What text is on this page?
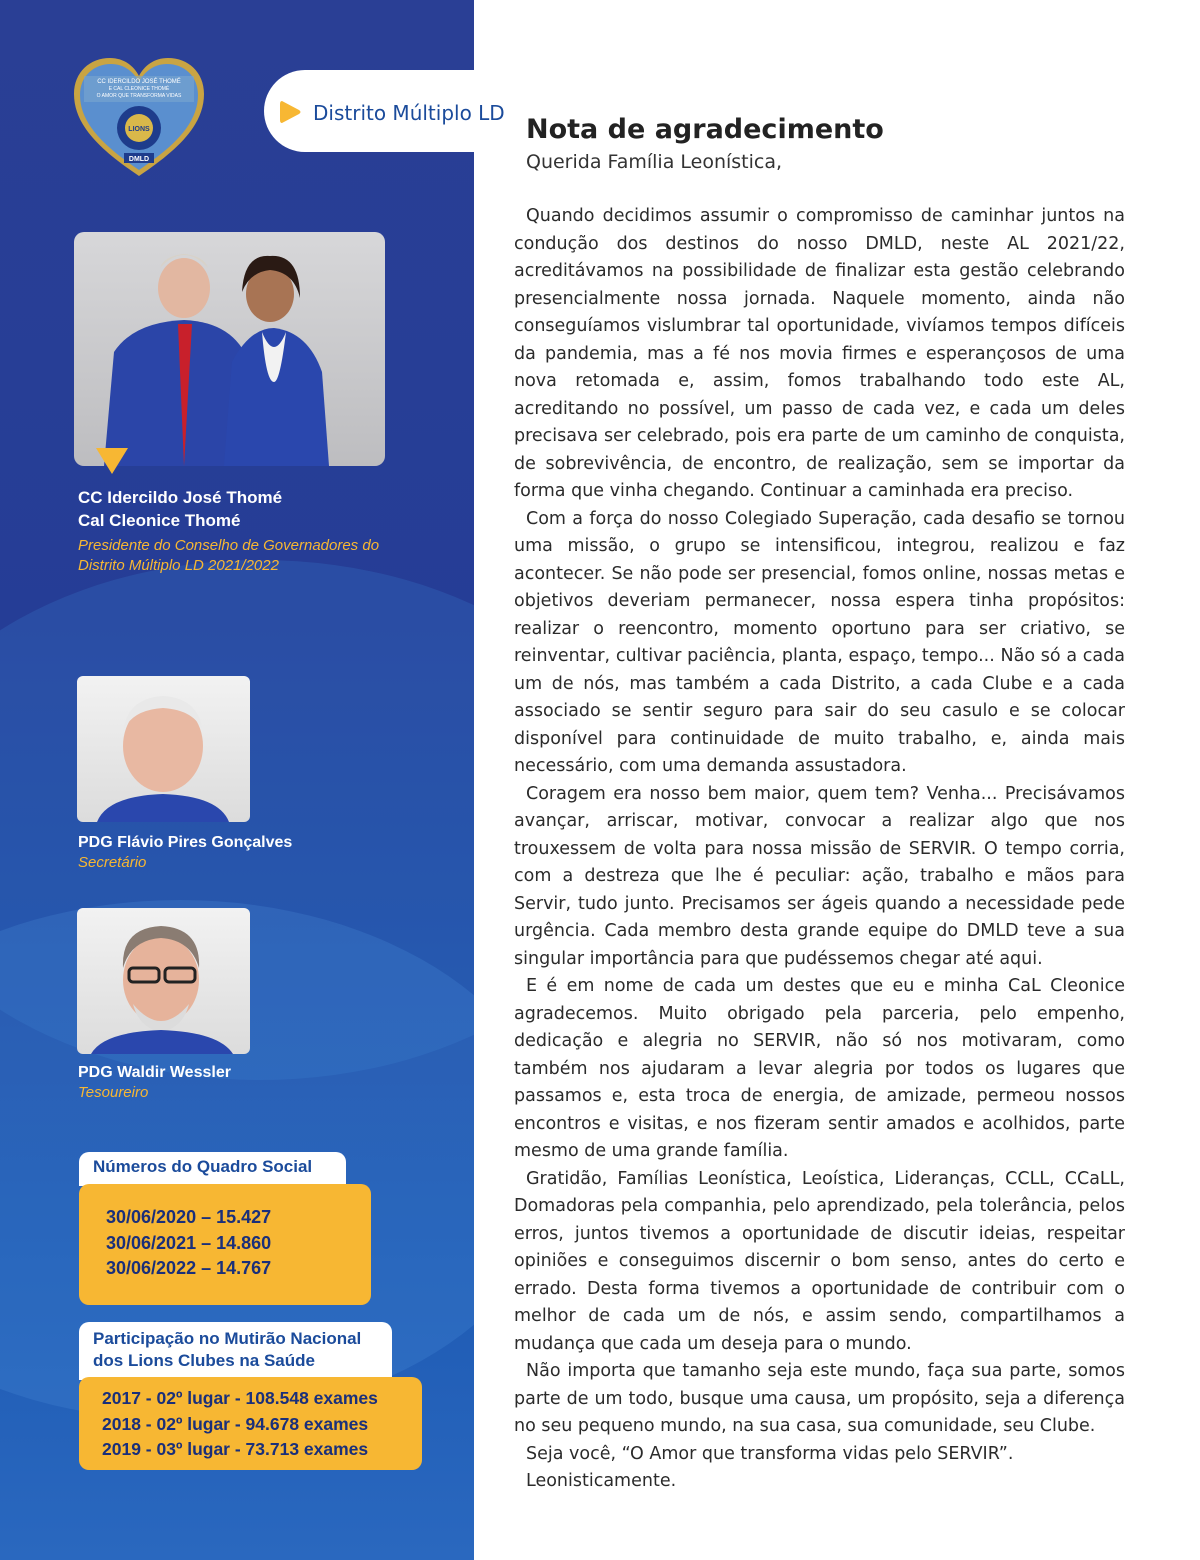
LIONS
CC IDERCILDO JOSÉ THOMÉ
E CAL CLEONICE THOMÉ
O AMOR QUE TRANSFORMA VIDAS
DMLD
Distrito Múltiplo LD
CC Idercildo José Thomé
Cal Cleonice Thomé
Presidente do Conselho de Governadores do
Distrito Múltiplo LD 2021/2022
PDG Flávio Pires Gonçalves
Secretário
PDG Waldir Wessler
Tesoureiro
Números do Quadro Social
30/06/2020 – 15.427
30/06/2021 – 14.860
30/06/2022 – 14.767
Participação no Mutirão Nacional
dos Lions Clubes na Saúde
2017 - 02º lugar - 108.548 exames
2018 - 02º lugar - 94.678 exames
2019 - 03º lugar - 73.713 exames
Nota de agradecimento
Querida Família Leonística,

Quando decidimos assumir o compromisso de caminhar juntos na condução dos destinos do nosso DMLD, neste AL 2021/22, acreditávamos na possibilidade de finalizar esta gestão celebrando presencialmente nossa jornada. Naquele momento, ainda não conseguíamos vislumbrar tal oportunidade, vivíamos tempos difíceis da pandemia, mas a fé nos movia firmes e esperançosos de uma nova retomada e, assim, fomos trabalhando todo este AL, acreditando no possível, um passo de cada vez, e cada um deles precisava ser celebrado, pois era parte de um caminho de conquista, de sobrevivência, de encontro, de realização, sem se importar da forma que vinha chegando. Continuar a caminhada era preciso.

Com a força do nosso Colegiado Superação, cada desafio se tornou uma missão, o grupo se intensificou, integrou, realizou e faz acontecer. Se não pode ser presencial, fomos online, nossas metas e objetivos deveriam permanecer, nossa espera tinha propósitos: realizar o reencontro, momento oportuno para ser criativo, se reinventar, cultivar paciência, planta, espaço, tempo... Não só a cada um de nós, mas também a cada Distrito, a cada Clube e a cada associado se sentir seguro para sair do seu casulo e se colocar disponível para continuidade de muito trabalho, e, ainda mais necessário, com uma demanda assustadora.

Coragem era nosso bem maior, quem tem? Venha... Precisávamos avançar, arriscar, motivar, convocar a realizar algo que nos trouxessem de volta para nossa missão de SERVIR. O tempo corria, com a destreza que lhe é peculiar: ação, trabalho e mãos para Servir, tudo junto. Precisamos ser ágeis quando a necessidade pede urgência. Cada membro desta grande equipe do DMLD teve a sua singular importância para que pudéssemos chegar até aqui.

E é em nome de cada um destes que eu e minha CaL Cleonice agradecemos. Muito obrigado pela parceria, pelo empenho, dedicação e alegria no SERVIR, não só nos motivaram, como também nos ajudaram a levar alegria por todos os lugares que passamos e, esta troca de energia, de amizade, permeou nossos encontros e visitas, e nos fizeram sentir amados e acolhidos, parte mesmo de uma grande família.

Gratidão, Famílias Leonística, Leoística, Lideranças, CCLL, CCaLL, Domadoras pela companhia, pelo aprendizado, pela tolerância, pelos erros, juntos tivemos a oportunidade de discutir ideias, respeitar opiniões e conseguimos discernir o bom senso, antes do certo e errado. Desta forma tivemos a oportunidade de contribuir com o melhor de cada um de nós, e assim sendo, compartilhamos a mudança que cada um deseja para o mundo.

Não importa que tamanho seja este mundo, faça sua parte, somos parte de um todo, busque uma causa, um propósito, seja a diferença no seu pequeno mundo, na sua casa, sua comunidade, seu Clube.

Seja você, “O Amor que transforma vidas pelo SERVIR”.

Leonisticamente.
